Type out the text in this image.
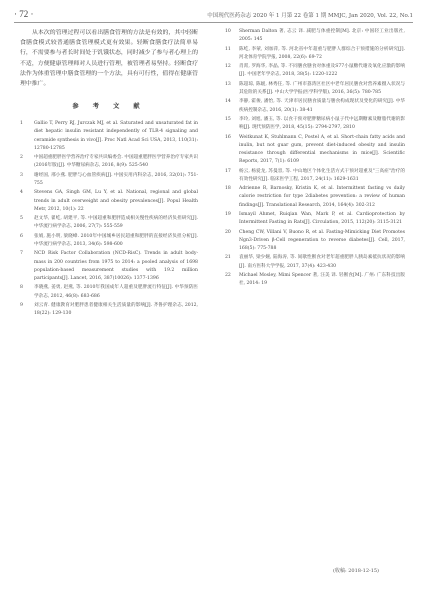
· 72 ·	中国现代医药杂志 2020 年 1 月第 22 卷第 1 期 MMJC, Jan 2020, Vol. 22, No.1

从本次的管理过程可以看出膳食管理的方法是有效的，其中轻断食膳食模式较普通膳食管理模式更有效果。轻断食膳食疗法简单易行，不需要参与者长时间处于饥饿状态，同时减少了参与者心理上的不适，方便健康管理师对人员进行管理，被管理者易坚持。轻断食疗法作为体重管理中膳食管理的一个方法，具有可行性，值得在健康管理中推广。

参 考 文 献
1 Gallio T, Perry RJ, Jurczak MJ, et al. Saturated and unsaturated fat in diet hepatic insulin resistant independently of TLR-4 signaling and ceramide synthesis in vivo[J]. Proc Natl Acad Sci USA, 2013, 110(31): 12780-12785
2 中国超重肥胖医学营养治疗专家共识编委会. 中国超重肥胖医学营养治疗专家共识(2016年版)[J]. 中华糖尿病杂志, 2016, 8(9): 525-540
3 谢经国, 邢小燕. 肥胖与心血管疾病[J]. 中国实用内科杂志, 2016, 32(01): 751-755
4 Stevens GA, Singh GM, Lu Y, et al. National, regional and global trends in adult overweight and obesity prevalences[J]. Popul Health Metr, 2012, 10(1): 22
5 赵文华, 翟屹, 胡建平, 等. 中国超重和肥胖造成相关慢性疾病的经济负担研究[J]. 中华流行病学杂志, 2006, 27(7): 555-559
6 张娟, 施小明, 梁晓峰. 2010年中国城乡居民超重和肥胖的直接经济负担分析[J]. 中华流行病学杂志, 2013, 34(6): 598-600
7 NCD Risk Factor Collaboration (NCD-RisC). Trends in adult body-mass in 200 countries from 1975 to 2014: a pooled analysis of 1698 population-based measurement studies with 19.2 million participants[J]. Lancet, 2016, 387(10026): 1377-1396
8 李晓燕, 姜勇, 赵燕, 等. 2010年我国成年人超重及肥胖流行特征[J]. 中华预防医学杂志, 2012, 46(8): 683-686
9 刘云青. 健康教育对肥胖患者健康相关生活质量的影响[J]. 齐鲁护理杂志, 2012, 18(22): 129-130
10 Sherman Dalton 著, 志云 译. 减肥与体重控制[M]. 北京: 中国轻工业出版社, 2005: 145
11 陈屹, 李蒙, 刘加萍, 等. 河北省中年超重与肥胖人群综合干预措施的分析研究[J]. 河北体育学院学报, 2008, 22(6): 69-72
12 肖霄, 罗海华, 李晶, 等. 不同膳食膳食对体重及S77小鼠糖代谢及氧化应激的影响[J]. 中国老年学杂志, 2018, 38(5): 1220-1222
13 陈超琼, 陈媛, 林秀任, 等. 广州市荔湾区社区中老年居民膳食对营养素摄入状况与其危险的关系[J]. 中山大学学报(医学科学版), 2016, 36(5): 780-785
14 李静, 霍俊, 潘怡, 等. 天津市居民膳食质量与膳食构成现状及变化的研究[J]. 中华疾病控制杂志, 2016, 20(1): 38-41
15 李玲, 刘旭, 潘玉, 等. 以食干预对肥胖糖尿病小鼠子代中远期糖素及糖脂代谢的影响[J]. 现代预防医学, 2018, 45(15): 2794-2797, 2810
16 Weitkunat K, Stuhlmann C, Postel A, et al. Short-chain fatty acids and inulin, but not guar gum, prevent diet-induced obesity and insulin resistance through differential mechanisms in mice[J]. Scientific Reports, 2017, 7(1): 6109
17 杨云, 杨爱龙, 苏曼容, 等. 中山地区个体化生活方式干预对超重及"三高症"治疗的有效性研究[J]. 临床医学工程, 2017, 24(11): 1629-1631
18 Adrienne R, Barnosky, Kristin K, et al. Intermittent fasting vs daily calorie restriction for type 2diabetes prevention: a review of human findings[J]. Translational Research, 2014, 164(4): 302-312
19 Ismayil Ahmet, Ruiqian Wan, Mark P, et al. Cardioprotection by Intermittent Fasting in Rats[J]. Circulation, 2015, 112(20): 3115-3121
20 Cheng CW, Villani V, Buono R, et al. Fasting-Mimicking Diet Promotes Ngn3-Driven β-Cell regeneration to reverse diabetes[J]. Cell, 2017, 168(5): 775-788
21 袁丽华, 梁少婉, 陆海涛, 等. 间歇性断食对老年超重肥胖人胰岛素抵抗状况的影响[J]. 南方医科大学学报, 2017, 37(4): 423-430
22 Michael Mosley, Mimi Spencer 著, 汪美 译. 轻断食[M]. 广州: 广东科技出版社, 2014: 19
(收稿: 2018-12-15)
